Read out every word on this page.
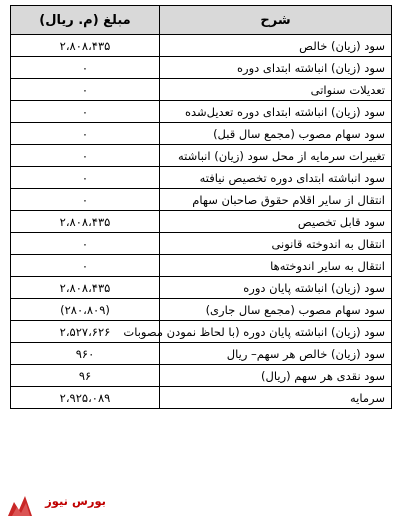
مبلغ (م. ریال)	شرح
۲،۸۰۸،۴۳۵	سود (زیان) خالص
۰	سود (زیان) انباشته ابتدای دوره
۰	تعدیلات سنواتی
۰	سود (زیان) انباشته ابتدای دوره تعدیل‌شده
۰	سود سهام مصوب (مجمع سال قبل)
۰	تغییرات سرمایه از محل سود (زیان) انباشته
۰	سود انباشته ابتدای دوره تخصیص نیافته
۰	انتقال از سایر اقلام حقوق صاحبان سهام
۲،۸۰۸،۴۳۵	سود قابل تخصیص
۰	انتقال به اندوخته قانونی
۰	انتقال به سایر اندوخته‌ها
۲،۸۰۸،۴۳۵	سود (زیان) انباشته پایان دوره
(۲۸۰،۸۰۹)	سود سهام مصوب (مجمع سال جاری)
۲،۵۲۷،۶۲۶	سود (زیان) انباشته پایان دوره (با لحاظ نمودن مصوبات
۹۶۰	سود (زیان) خالص هر سهم– ریال
۹۶	سود نقدی هر سهم (ریال)
۲،۹۲۵،۰۸۹	سرمایه
بورس نیوز
